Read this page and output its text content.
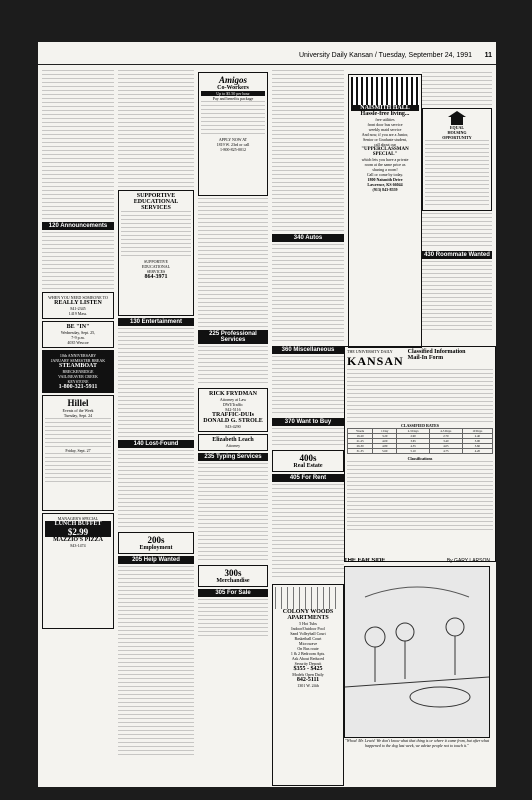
University Daily Kansan / Tuesday, September 24, 1991 11
120 Announcements
WHEN YOU NEED SOMEONE TO
REALLY LISTEN
841-2345
1419 Mass.
BE "IN"
Wednesday, Sept. 25,
7-9 p.m.
4035 Wescoe
10th ANNIVERSARY
JANUARY SEMESTER BREAK
STEAMBOAT
BRECKENRIDGE
VAIL/BEAVER CREEK
KEYSTONE
1-800-321-5911
Hillel
Events of the Week
Tuesday, Sept. 24
Friday, Sept. 27
MANAGER'S SPECIAL
LUNCH BUFFET
$2.99
MAZZIO'S PIZZA
843-1474
SUPPORTIVE
EDUCATIONAL
SERVICES
SUPPORTIVE
EDUCATIONAL
SERVICES
864-3971
130 Entertainment
140 Lost-Found
200s
Employment
205 Help Wanted
Amigos
Co-Workers
Up to $5.50 per hour
Pay and benefits package
APPLY NOW AT
1819 W. 23rd or call
1-800-825-0012
225 Professional Services
RICK FRYDMAN
Attorney at Law
DWI/Traffic
842-5116
TRAFFIC-DUIs
DONALD G. STROLE
843-4290
Elizabeth Leach
Attorney
235 Typing Services
300s
Merchandise
305 For Sale
340 Autos
360 Miscellaneous
370 Want to Buy
400s
Real Estate
405 For Rent
COLONY WOODS
APARTMENTS
5 Hot Tubs
Indoor/Outdoor Pool
Sand Volleyball Court
Basketball Court
Microwave
On Bus route
1 & 2 Bedroom Apts.
Ask About Reduced
Security Deposit
$355 - $425
Models Open Daily
842-5111
1301 W. 24th
NAISMITH HALL
Hassle-free living...
free utilities
front door bus service
weekly maid service
And now, if you are a Junior,
Senior or Graduate student,
call about our
"UPPERCLASSMAN
SPECIAL"
which lets you have a private
room at the same price as
sharing a room!
Call or come by today.
1800 Naismith Drive
Lawrence, KS 66044
(913) 843-8559
EQUAL
HOUSING
OPPORTUNITY
430 Roommate Wanted
THE UNIVERSITY DAILY
KANSAN
Classified Information
Mail-In Form
CLASSIFIED RATES
Words	1 Day	2-3 Days	4-5 Days	10 Days
16-20	3.20	2.90	2.70	2.40
21-25	4.00	3.65	3.40	3.00
26-30	4.80	4.35	4.05	3.60
31-35	5.60	5.10	4.75	4.20
Classifications
THE FAR SIDE	By GARY LARSON
"Whoa! Mr. Lewis! We don't know what that thing is or where it came from, but after what happened to the dog last week, we advise people not to touch it."
